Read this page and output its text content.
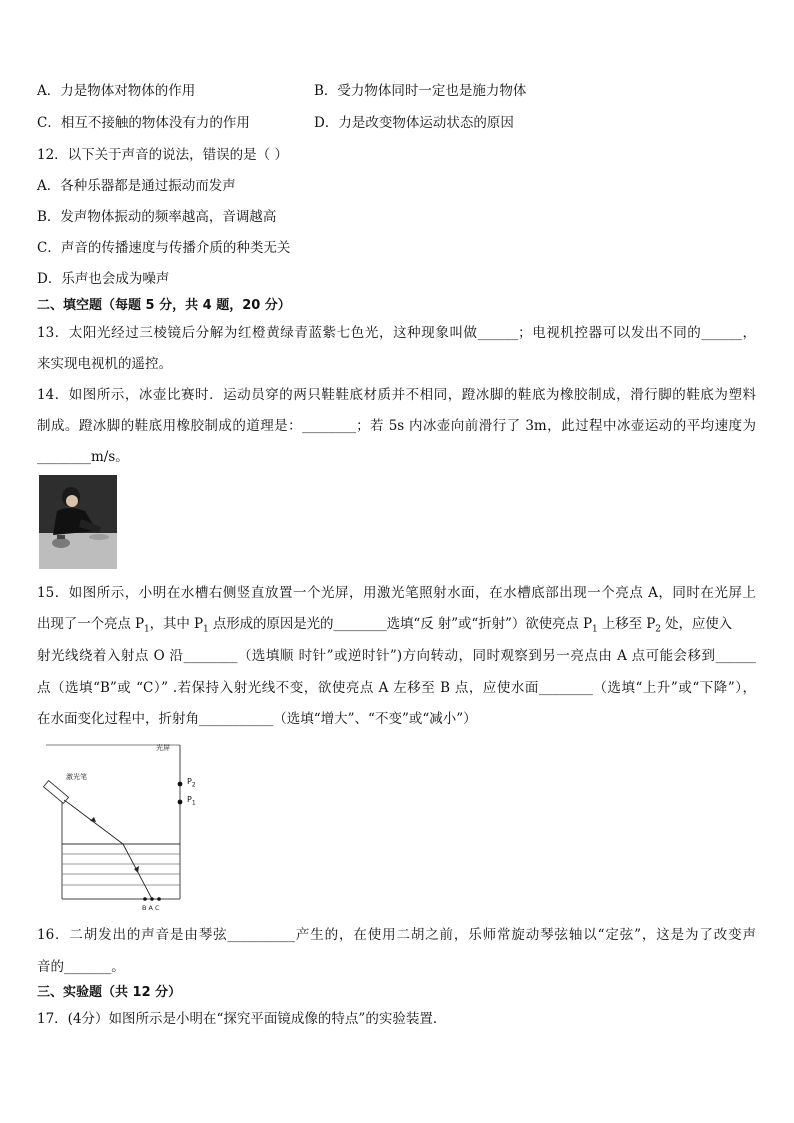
A．力是物体对物体的作用	B．受力物体同时一定也是施力物体
C．相互不接触的物体没有力的作用	D．力是改变物体运动状态的原因
12．以下关于声音的说法，错误的是（ ）
A．各种乐器都是通过振动而发声
B．发声物体振动的频率越高，音调越高
C．声音的传播速度与传播介质的种类无关
D．乐声也会成为噪声
二、填空题（每题 5 分，共 4 题，20 分）
13．太阳光经过三棱镜后分解为红橙黄绿青蓝紫七色光，这种现象叫做______；电视机控器可以发出不同的______，
来实现电视机的遥控。
14．如图所示，冰壶比赛时．运动员穿的两只鞋鞋底材质并不相同，蹬冰脚的鞋底为橡胶制成，滑行脚的鞋底为塑料
制成。蹬冰脚的鞋底用橡胶制成的道理是：________；若 5s 内冰壶向前滑行了 3m，此过程中冰壶运动的平均速度为
________m/s。
15．如图所示，小明在水槽右侧竖直放置一个光屏，用激光笔照射水面，在水槽底部出现一个亮点 A，同时在光屏上
出现了一个亮点 $P_1$，其中 $P_1$ 点形成的原因是光的________选填“反 射”或“折射”）欲使亮点 $P_1$ 上移至 $P_2$ 处，应使入
射光线绕着入射点 O 沿________（选填顺 时针”或逆时针”)方向转动，同时观察到另一亮点由 A 点可能会移到______
点（选填“B”或 “C）” .若保持入射光线不变，欲使亮点 A 左移至 B 点，应使水面________（选填“上升”或“下降”），
在水面变化过程中，折射角___________（选填“增大”、“不变”或“减小”）
光屏
激光笔
B A C
$P_2$
$P_1$
16．二胡发出的声音是由琴弦__________产生的，在使用二胡之前，乐师常旋动琴弦轴以“定弦”，这是为了改变声
音的_______。
三、实验题（共 12 分）
17．(4分）如图所示是小明在“探究平面镜成像的特点”的实验装置．
